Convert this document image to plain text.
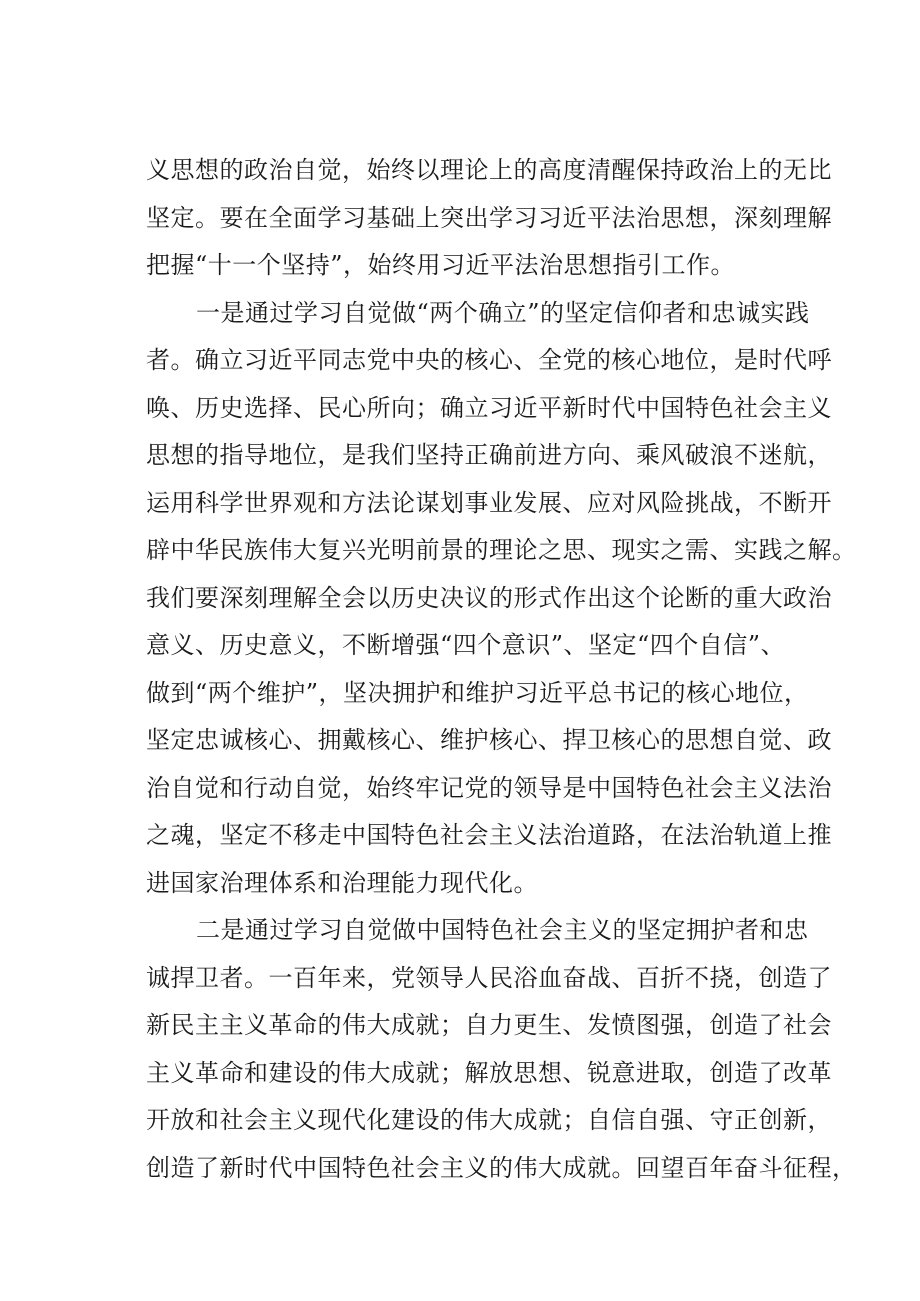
义思想的政治自觉，始终以理论上的高度清醒保持政治上的无比
坚定。要在全面学习基础上突出学习习近平法治思想，深刻理解
把握“十一个坚持”，始终用习近平法治思想指引工作。
一是通过学习自觉做“两个确立”的坚定信仰者和忠诚实践
者。确立习近平同志党中央的核心、全党的核心地位，是时代呼
唤、历史选择、民心所向；确立习近平新时代中国特色社会主义
思想的指导地位，是我们坚持正确前进方向、乘风破浪不迷航，
运用科学世界观和方法论谋划事业发展、应对风险挑战，不断开
辟中华民族伟大复兴光明前景的理论之思、现实之需、实践之解。
我们要深刻理解全会以历史决议的形式作出这个论断的重大政治
意义、历史意义，不断增强“四个意识”、坚定“四个自信”、
做到“两个维护”，坚决拥护和维护习近平总书记的核心地位，
坚定忠诚核心、拥戴核心、维护核心、捍卫核心的思想自觉、政
治自觉和行动自觉，始终牢记党的领导是中国特色社会主义法治
之魂，坚定不移走中国特色社会主义法治道路，在法治轨道上推
进国家治理体系和治理能力现代化。
二是通过学习自觉做中国特色社会主义的坚定拥护者和忠
诚捍卫者。一百年来，党领导人民浴血奋战、百折不挠，创造了
新民主主义革命的伟大成就；自力更生、发愤图强，创造了社会
主义革命和建设的伟大成就；解放思想、锐意进取，创造了改革
开放和社会主义现代化建设的伟大成就；自信自强、守正创新，
创造了新时代中国特色社会主义的伟大成就。回望百年奋斗征程，
